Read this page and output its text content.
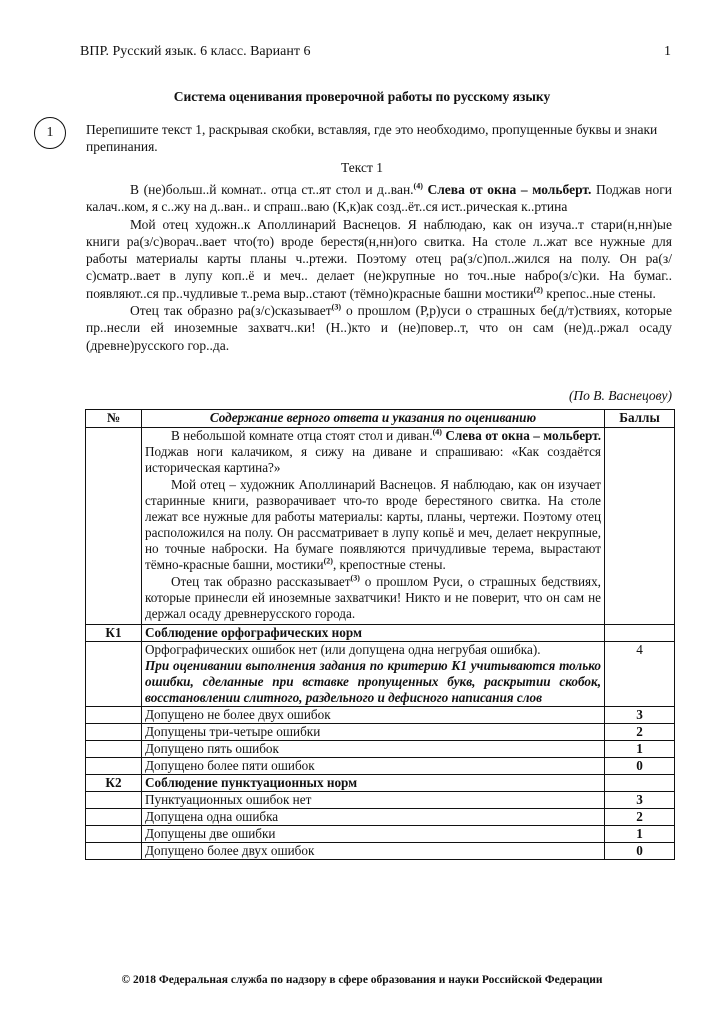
ВПР. Русский язык. 6 класс. Вариант 6	1
Система оценивания проверочной работы по русскому языку
1	Перепишите текст 1, раскрывая скобки, вставляя, где это необходимо, пропущенные буквы и знаки препинания.
Текст 1

В (не)больш..й комнат.. отца ст..ят стол и д..ван.$^{(4)}$ Слева от окна – мольберт. Поджав ноги калач..ком, я с..жу на д..ван.. и спраш..ваю (К,к)ак созд..ёт..ся ист..рическая к..ртина

Мой отец художн..к Аполлинарий Васнецов. Я наблюдаю, как он изуча..т стари(н,нн)ые книги ра(з/с)ворач..вает что(то) вроде берестя(н,нн)ого свитка. На столе л..жат все нужные для работы материалы карты планы ч..ртежи. Поэтому отец ра(з/с)пол..жился на полу. Он ра(з/с)сматр..вает в лупу коп..ё и меч.. делает (не)крупные но точ..ные набро(з/с)ки. На бумаг.. появляют..ся пр..чудливые т..рема выр..стают (тёмно)красные башни мостики$^{(2)}$ крепос..ные стены.

Отец так образно ра(з/с)сказывает$^{(3)}$ о прошлом (Р,р)уси о страшных бе(д/т)ствиях, которые пр..несли ей иноземные захватч..ки! (Н..)кто и (не)повер..т, что он сам (не)д..ржал осаду (древне)русского гор..да.

(По В. Васнецову)
№	Содержание верного ответа и указания по оцениванию	Баллы

	В небольшой комнате отца стоят стол и диван.$^{(4)}$ Слева от окна – мольберт. Поджав ноги калачиком, я сижу на диване и спрашиваю: «Как создаётся историческая картина?»

Мой отец – художник Аполлинарий Васнецов. Я наблюдаю, как он изучает старинные книги, разворачивает что-то вроде берестяного свитка. На столе лежат все нужные для работы материалы: карты, планы, чертежи. Поэтому отец расположился на полу. Он рассматривает в лупу копьё и меч, делает некрупные, но точные наброски. На бумаге появляются причудливые терема, вырастают тёмно-красные башни, мостики$^{(2)}$, крепостные стены.

Отец так образно рассказывает$^{(3)}$ о прошлом Руси, о страшных бедствиях, которые принесли ей иноземные захватчики! Никто и не поверит, что он сам не держал осаду древнерусского города.	

К1	Соблюдение орфографических норм	

	Орфографических ошибок нет (или допущена одна негрубая ошибка).
При оценивании выполнения задания по критерию К1 учитываются только ошибки, сделанные при вставке пропущенных букв, раскрытии скобок, восстановлении слитного, раздельного и дефисного написания слов	4
	Допущено не более двух ошибок	3
	Допущены три-четыре ошибки	2
	Допущено пять ошибок	1
	Допущено более пяти ошибок	0
К2	Соблюдение пунктуационных норм	
	Пунктуационных ошибок нет	3
	Допущена одна ошибка	2
	Допущены две ошибки	1
	Допущено более двух ошибок	0
© 2018 Федеральная служба по надзору в сфере образования и науки Российской Федерации
